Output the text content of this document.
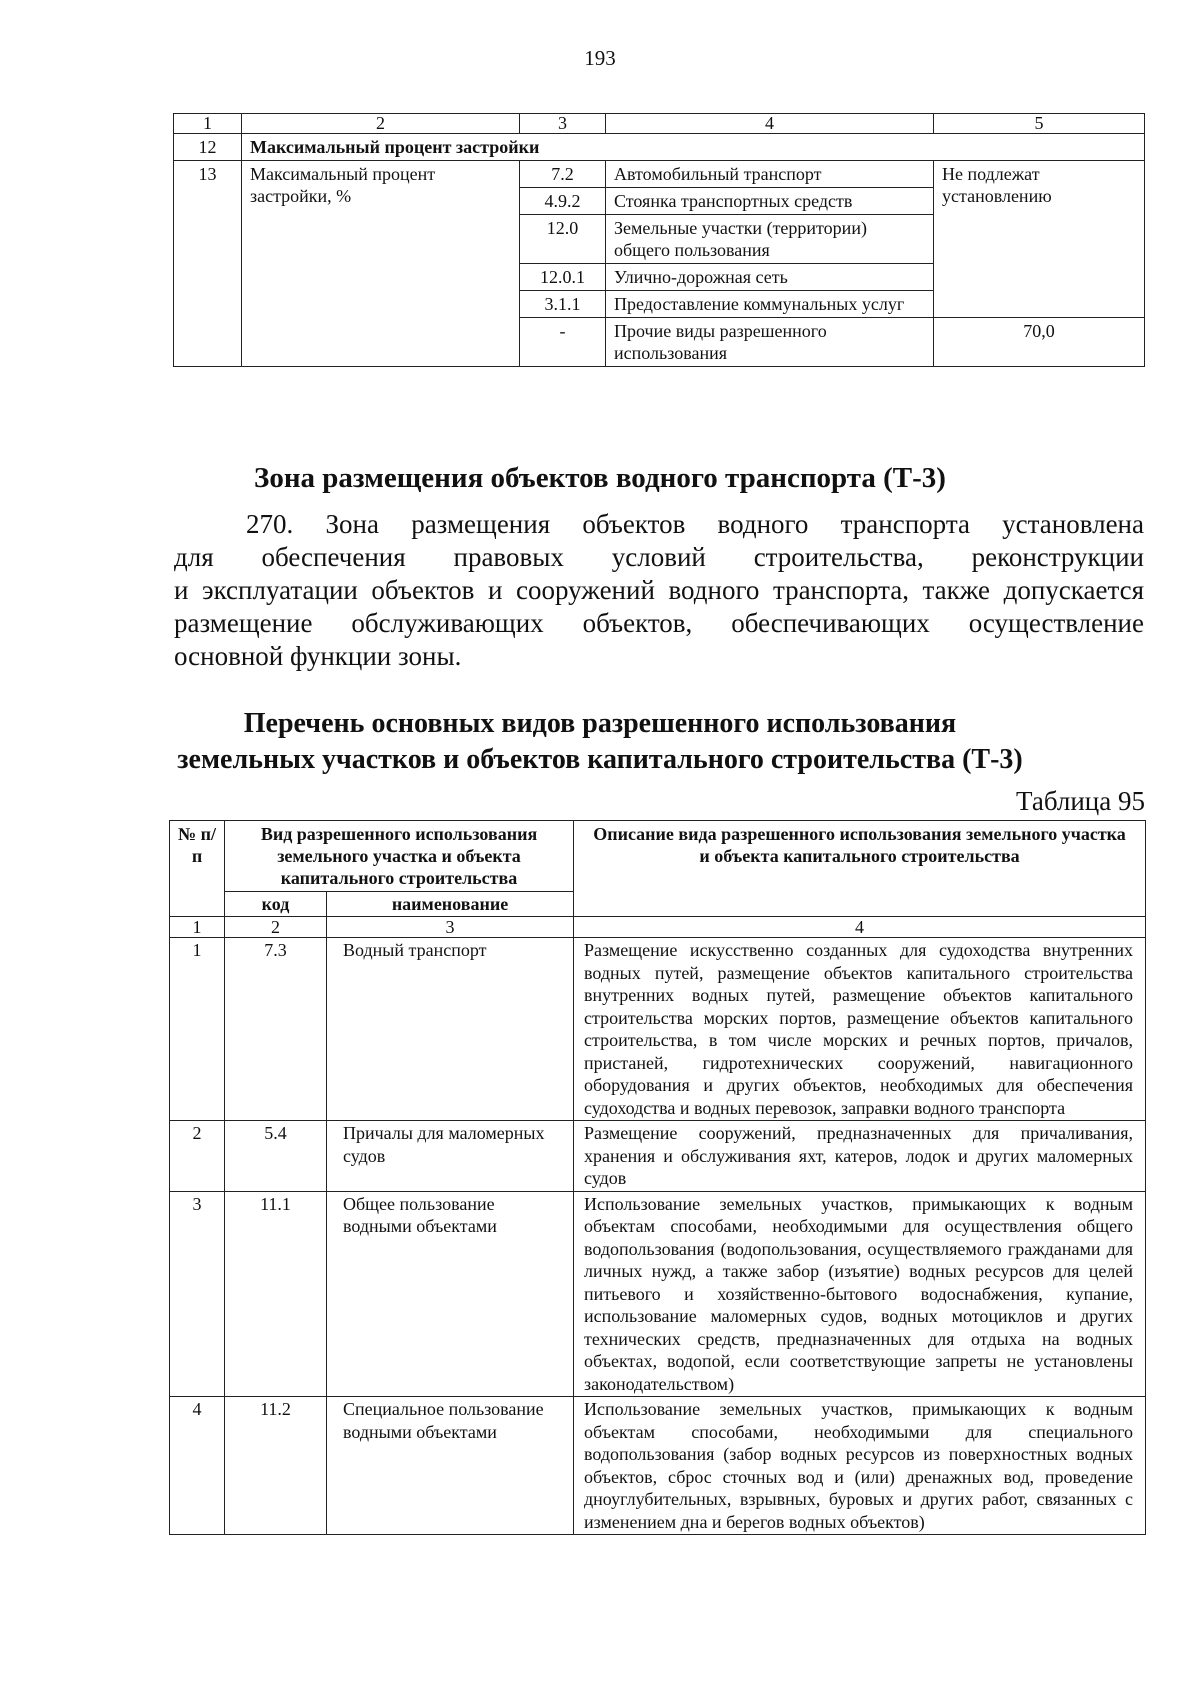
193
1	2	3	4	5
12	Максимальный процент застройки			
13	Максимальный процент застройки, %	7.2	Автомобильный транспорт	Не подлежат установлению
		4.9.2	Стоянка транспортных средств	
		12.0	Земельные участки (территории) общего пользования	
		12.0.1	Улично-дорожная сеть	
		3.1.1	Предоставление коммунальных услуг	
		-	Прочие виды разрешенного использования	70,0
Зона размещения объектов водного транспорта (Т-3)
270. Зона размещения объектов водного транспорта установлена
для обеспечения правовых условий строительства, реконструкции
и эксплуатации объектов и сооружений водного транспорта, также допускается
размещение обслуживающих объектов, обеспечивающих осуществление
основной функции зоны.
Перечень основных видов разрешенного использования
земельных участков и объектов капитального строительства (Т-3)
Таблица 95
№ п/п	Вид разрешенного использования земельного участка и объекта капитального строительства		Описание вида разрешенного использования земельного участка и объекта капитального строительства
	код	наименование	
1	2	3	4
1	7.3	Водный транспорт	Размещение искусственно созданных для судоходства внутренних водных путей, размещение объектов капитального строительства внутренних водных путей, размещение объектов капитального строительства морских портов, размещение объектов капитального строительства, в том числе морских и речных портов, причалов, пристаней, гидротехнических сооружений, навигационного оборудования и других объектов, необходимых для обеспечения судоходства и водных перевозок, заправки водного транспорта
2	5.4	Причалы для маломерных судов	Размещение сооружений, предназначенных для причаливания, хранения и обслуживания яхт, катеров, лодок и других маломерных судов
3	11.1	Общее пользование водными объектами	Использование земельных участков, примыкающих к водным объектам способами, необходимыми для осуществления общего водопользования (водопользования, осуществляемого гражданами для личных нужд, а также забор (изъятие) водных ресурсов для целей питьевого и хозяйственно-бытового водоснабжения, купание, использование маломерных судов, водных мотоциклов и других технических средств, предназначенных для отдыха на водных объектах, водопой, если соответствующие запреты не установлены законодательством)
4	11.2	Специальное пользование водными объектами	Использование земельных участков, примыкающих к водным объектам способами, необходимыми для специального водопользования (забор водных ресурсов из поверхностных водных объектов, сброс сточных вод и (или) дренажных вод, проведение дноуглубительных, взрывных, буровых и других работ, связанных с изменением дна и берегов водных объектов)
